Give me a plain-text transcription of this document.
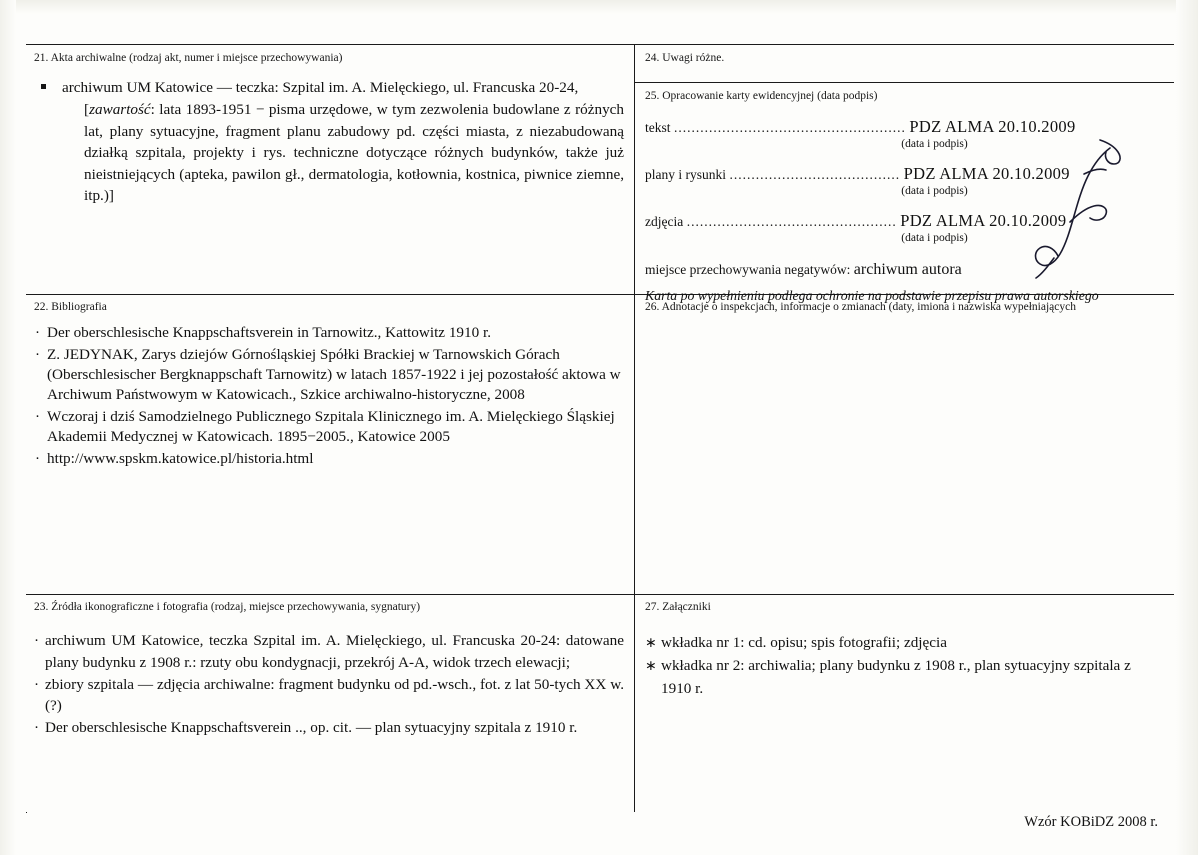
21. Akta archiwalne (rodzaj akt, numer i miejsce przechowywania)
archiwum UM Katowice — teczka: Szpital im. A. Mielęckiego, ul. Francuska 20-24,
[zawartość: lata 1893-1951 − pisma urzędowe, w tym zezwolenia budowlane z różnych lat, plany sytuacyjne, fragment planu zabudowy pd. części miasta, z niezabudowaną działką szpitala, projekty i rys. techniczne dotyczące różnych budynków, także już nieistniejących (apteka, pawilon gł., dermatologia, kotłownia, kostnica, piwnice ziemne, itp.)]
22. Bibliografia
· Der oberschlesische Knappschaftsverein in Tarnowitz., Kattowitz 1910 r.
· Z. JEDYNAK, Zarys dziejów Górnośląskiej Spółki Brackiej w Tarnowskich Górach (Oberschlesischer Bergknappschaft Tarnowitz) w latach 1857-1922 i jej pozostałość aktowa w Archiwum Państwowym w Katowicach., Szkice archiwalno-historyczne, 2008
· Wczoraj i dziś Samodzielnego Publicznego Szpitala Klinicznego im. A. Mielęckiego Śląskiej Akademii Medycznej w Katowicach. 1895−2005., Katowice 2005
· http://www.spskm.katowice.pl/historia.html
23. Źródła ikonograficzne i fotografia (rodzaj, miejsce przechowywania, sygnatury)
· archiwum UM Katowice, teczka Szpital im. A. Mielęckiego, ul. Francuska 20-24: datowane plany budynku z 1908 r.: rzuty obu kondygnacji, przekrój A-A, widok trzech elewacji;
· zbiory szpitala — zdjęcia archiwalne: fragment budynku od pd.-wsch., fot. z lat 50-tych XX w. (?)
· Der oberschlesische Knappschaftsverein .., op. cit. — plan sytuacyjny szpitala z 1910 r.
24. Uwagi różne.
25. Opracowanie karty ewidencyjnej (data podpis)
tekst ..................................................... PDZ ALMA 20.10.2009
(data i podpis)
plany i rysunki ....................................... PDZ ALMA 20.10.2009
(data i podpis)
zdjęcia ................................................ PDZ ALMA 20.10.2009
(data i podpis)
miejsce przechowywania negatywów: archiwum autora
Karta po wypełnieniu podlega ochronie na podstawie przepisu prawa autorskiego
26. Adnotacje o inspekcjach, informacje o zmianach (daty, imiona i nazwiska wypełniających
27. Załączniki
∗ wkładka nr 1: cd. opisu; spis fotografii; zdjęcia
∗ wkładka nr 2: archiwalia; plany budynku z 1908 r., plan sytuacyjny szpitala z 1910 r.
Wzór KOBiDZ 2008 r.
